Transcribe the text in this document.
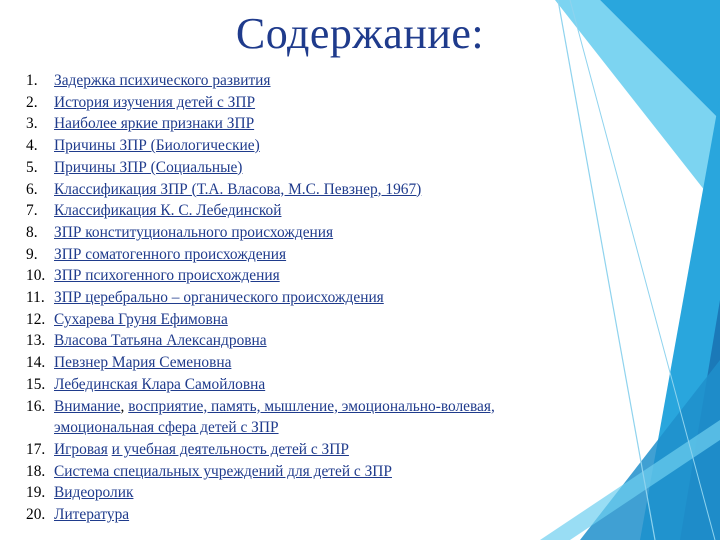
Содержание:
1.	Задержка психического развития
2.	История изучения детей с ЗПР
3.	Наиболее яркие признаки ЗПР
4.	Причины ЗПР (Биологические)
5.	Причины ЗПР (Социальные)
6.	Классификация ЗПР (Т.А. Власова, М.С. Певзнер, 1967)
7.	Классификация К. С. Лебединской
8.	ЗПР конституционального происхождения
9.	ЗПР соматогенного происхождения
10. ЗПР психогенного происхождения
11. ЗПР церебрально – органического происхождения
12. Сухарева Груня Ефимовна
13. Власова Татьяна Александровна
14. Певзнер Мария Семеновна
15. Лебединская Клара Самойловна
16. Внимание, восприятие, память, мышление, эмоционально-волевая, эмоциональная сфера детей с ЗПР
17. Игровая и учебная деятельность детей с ЗПР
18. Система специальных учреждений для детей с ЗПР
19. Видеоролик
20. Литература
